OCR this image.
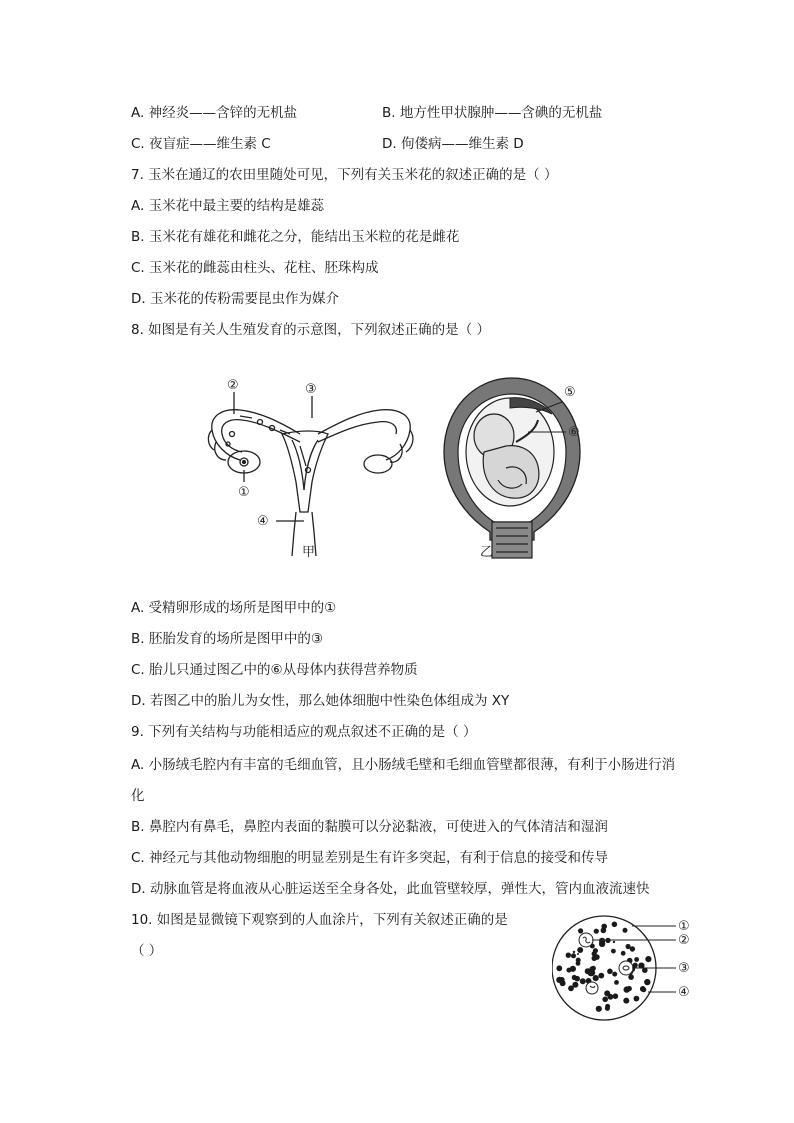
A. 神经炎——含锌的无机盐	B. 地方性甲状腺肿——含碘的无机盐
C. 夜盲症——维生素 C	D. 佝偻病——维生素 D
7. 玉米在通辽的农田里随处可见，下列有关玉米花的叙述正确的是（ ）
A. 玉米花中最主要的结构是雄蕊
B. 玉米花有雄花和雌花之分，能结出玉米粒的花是雌花
C. 玉米花的雌蕊由柱头、花柱、胚珠构成
D. 玉米花的传粉需要昆虫作为媒介
8. 如图是有关人生殖发育的示意图，下列叙述正确的是（ ）
②	③
①
④
甲
⑤
⑥
乙
A. 受精卵形成的场所是图甲中的①
B. 胚胎发育的场所是图甲中的③
C. 胎儿只通过图乙中的⑥从母体内获得营养物质
D. 若图乙中的胎儿为女性，那么她体细胞中性染色体组成为 XY
9. 下列有关结构与功能相适应的观点叙述不正确的是（ ）
A. 小肠绒毛腔内有丰富的毛细血管，且小肠绒毛壁和毛细血管壁都很薄，有利于小肠进行消
化
B. 鼻腔内有鼻毛，鼻腔内表面的黏膜可以分泌黏液，可使进入的气体清洁和湿润
C. 神经元与其他动物细胞的明显差别是生有许多突起，有利于信息的接受和传导
D. 动脉血管是将血液从心脏运送至全身各处，此血管壁较厚，弹性大，管内血液流速快
10. 如图是显微镜下观察到的人血涂片，下列有关叙述正确的是
（ ）
①
②
③
④
